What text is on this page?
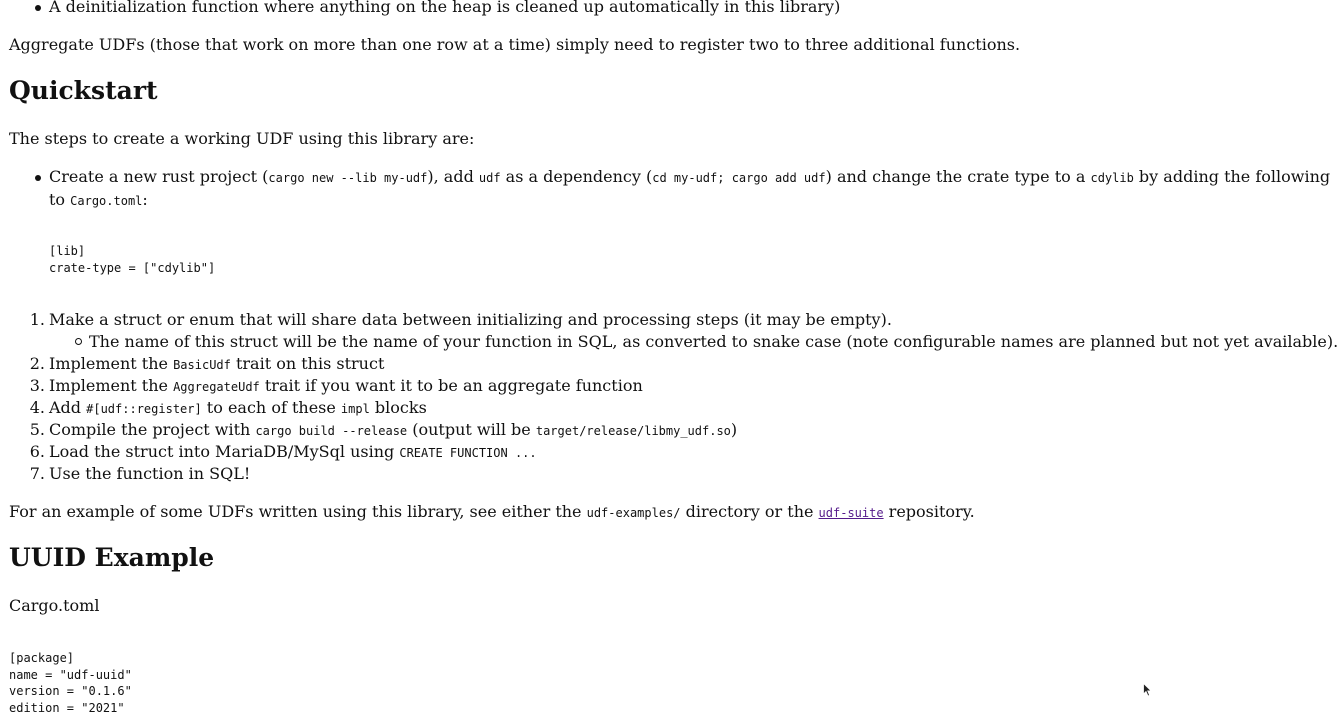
A deinitialization function where anything on the heap is cleaned up automatically in this library)
Aggregate UDFs (those that work on more than one row at a time) simply need to register two to three additional functions.
Quickstart
The steps to create a working UDF using this library are:
Create a new rust project (cargo new --lib my-udf), add udf as a dependency (cd my-udf; cargo add udf) and change the crate type to a cdylib by adding the following
to Cargo.toml:
[lib]
crate-type = ["cdylib"]
1. Make a struct or enum that will share data between initializing and processing steps (it may be empty).
The name of this struct will be the name of your function in SQL, as converted to snake case (note configurable names are planned but not yet available).
2. Implement the BasicUdf trait on this struct
3. Implement the AggregateUdf trait if you want it to be an aggregate function
4. Add #[udf::register] to each of these impl blocks
5. Compile the project with cargo build --release (output will be target/release/libmy_udf.so)
6. Load the struct into MariaDB/MySql using CREATE FUNCTION ...
7. Use the function in SQL!
For an example of some UDFs written using this library, see either the udf-examples/ directory or the udf-suite repository.
UUID Example
Cargo.toml
[package]
name = "udf-uuid"
version = "0.1.6"
edition = "2021"
